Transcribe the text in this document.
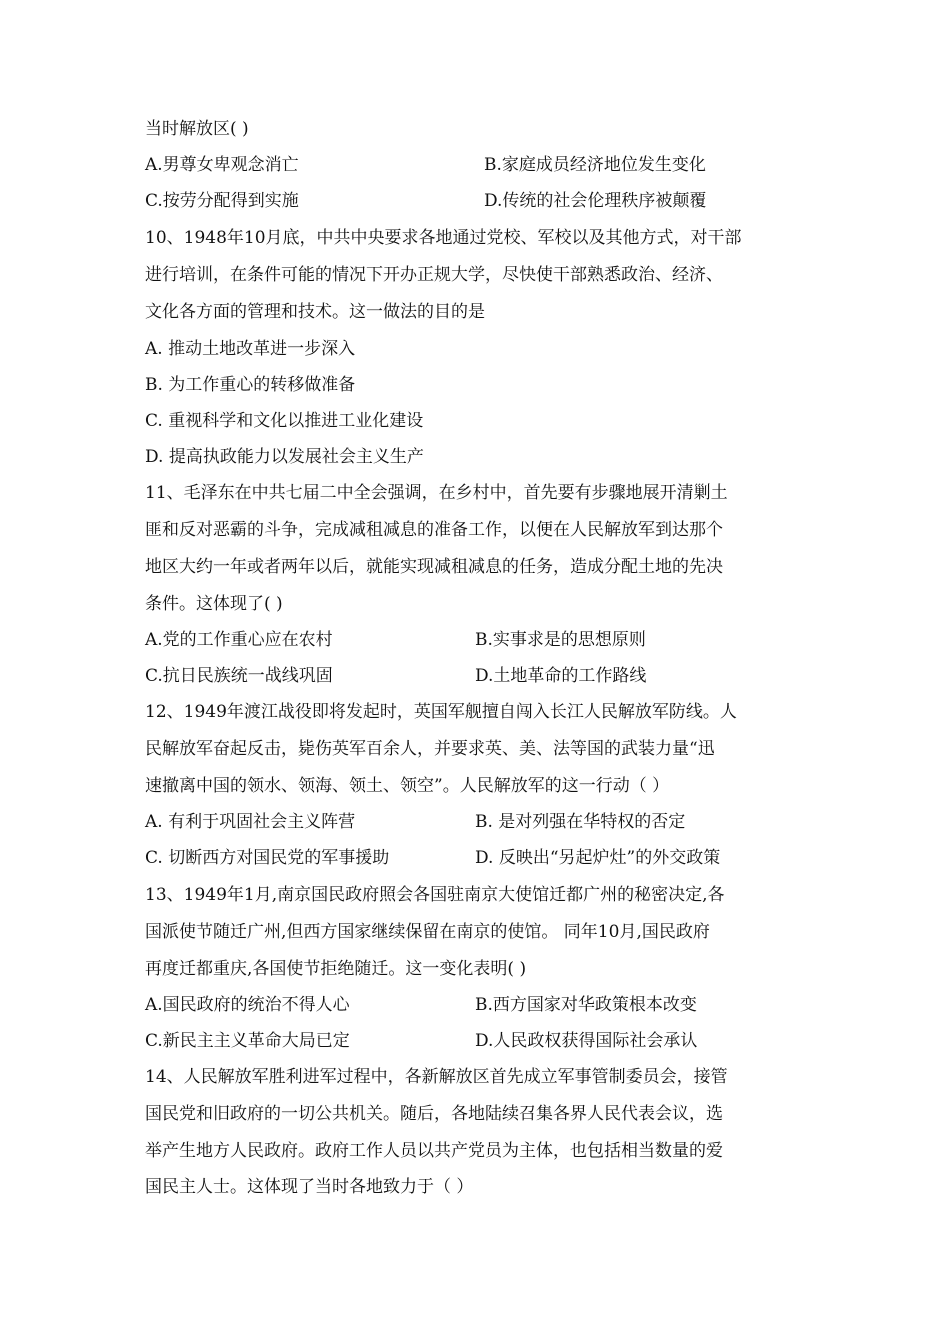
当时解放区( )
A.男尊女卑观念消亡	B.家庭成员经济地位发生变化
C.按劳分配得到实施	D.传统的社会伦理秩序被颠覆
10、1948年10月底，中共中央要求各地通过党校、军校以及其他方式，对干部
进行培训，在条件可能的情况下开办正规大学，尽快使干部熟悉政治、经济、
文化各方面的管理和技术。这一做法的目的是
A. 推动土地改革进一步深入
B. 为工作重心的转移做准备
C. 重视科学和文化以推进工业化建设
D. 提高执政能力以发展社会主义生产
11、毛泽东在中共七届二中全会强调，在乡村中，首先要有步骤地展开清剿土
匪和反对恶霸的斗争，完成减租减息的准备工作，以便在人民解放军到达那个
地区大约一年或者两年以后，就能实现减租减息的任务，造成分配土地的先决
条件。这体现了( )
A.党的工作重心应在农村	B.实事求是的思想原则
C.抗日民族统一战线巩固	D.土地革命的工作路线
12、1949年渡江战役即将发起时，英国军舰擅自闯入长江人民解放军防线。人
民解放军奋起反击，毙伤英军百余人，并要求英、美、法等国的武装力量“迅
速撤离中国的领水、领海、领土、领空”。人民解放军的这一行动（ ）
A. 有利于巩固社会主义阵营	B. 是对列强在华特权的否定
C. 切断西方对国民党的军事援助	D. 反映出“另起炉灶”的外交政策
13、1949年1月,南京国民政府照会各国驻南京大使馆迁都广州的秘密决定,各
国派使节随迁广州,但西方国家继续保留在南京的使馆。 同年10月,国民政府
再度迁都重庆,各国使节拒绝随迁。这一变化表明( )
A.国民政府的统治不得人心	B.西方国家对华政策根本改变
C.新民主主义革命大局已定	D.人民政权获得国际社会承认
14、人民解放军胜利进军过程中，各新解放区首先成立军事管制委员会，接管
国民党和旧政府的一切公共机关。随后，各地陆续召集各界人民代表会议，选
举产生地方人民政府。政府工作人员以共产党员为主体，也包括相当数量的爱
国民主人士。这体现了当时各地致力于（ ）
